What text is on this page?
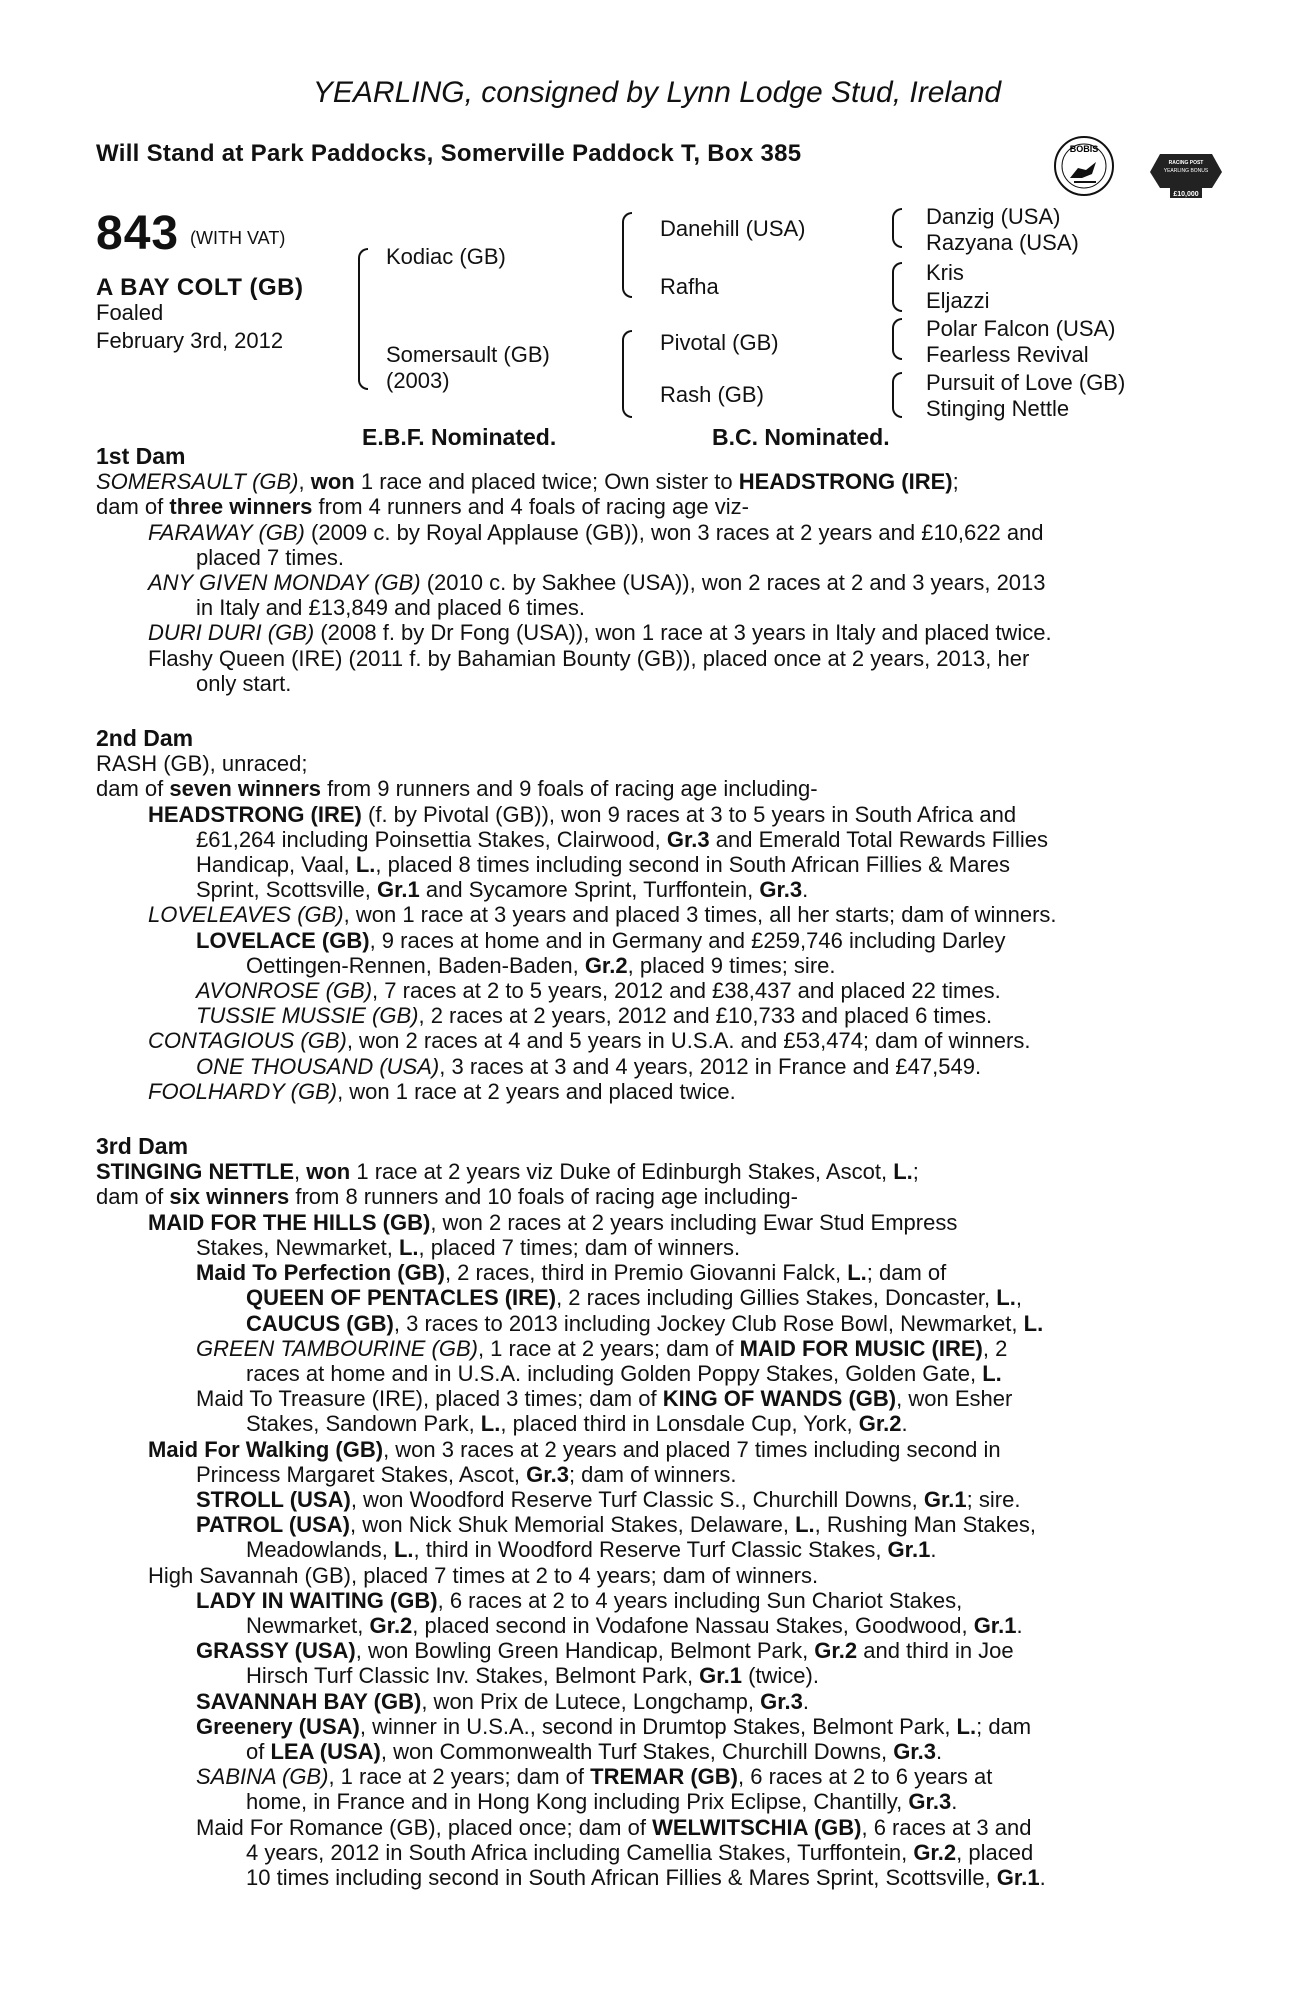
YEARLING, consigned by Lynn Lodge Stud, Ireland
Will Stand at Park Paddocks, Somerville Paddock T, Box 385	BOBIS
RACING POST
YEARLING BONUS
£10,000
843 (WITH VAT)
A BAY COLT (GB)
Foaled
February 3rd, 2012
Kodiac (GB)
Somersault (GB)
(2003)
Danehill (USA)
Rafha
Pivotal (GB)
Rash (GB)
Danzig (USA)
Razyana (USA)
Kris
Eljazzi
Polar Falcon (USA)
Fearless Revival
Pursuit of Love (GB)
Stinging Nettle
E.B.F. Nominated.	B.C. Nominated.
1st Dam
SOMERSAULT (GB), won 1 race and placed twice; Own sister to HEADSTRONG (IRE);
dam of three winners from 4 runners and 4 foals of racing age viz-
FARAWAY (GB) (2009 c. by Royal Applause (GB)), won 3 races at 2 years and £10,622 and
placed 7 times.
ANY GIVEN MONDAY (GB) (2010 c. by Sakhee (USA)), won 2 races at 2 and 3 years, 2013
in Italy and £13,849 and placed 6 times.
DURI DURI (GB) (2008 f. by Dr Fong (USA)), won 1 race at 3 years in Italy and placed twice.
Flashy Queen (IRE) (2011 f. by Bahamian Bounty (GB)), placed once at 2 years, 2013, her
only start.
2nd Dam
RASH (GB), unraced;
dam of seven winners from 9 runners and 9 foals of racing age including-
HEADSTRONG (IRE) (f. by Pivotal (GB)), won 9 races at 3 to 5 years in South Africa and
£61,264 including Poinsettia Stakes, Clairwood, Gr.3 and Emerald Total Rewards Fillies
Handicap, Vaal, L., placed 8 times including second in South African Fillies & Mares
Sprint, Scottsville, Gr.1 and Sycamore Sprint, Turffontein, Gr.3.
LOVELEAVES (GB), won 1 race at 3 years and placed 3 times, all her starts; dam of winners.
LOVELACE (GB), 9 races at home and in Germany and £259,746 including Darley
Oettingen-Rennen, Baden-Baden, Gr.2, placed 9 times; sire.
AVONROSE (GB), 7 races at 2 to 5 years, 2012 and £38,437 and placed 22 times.
TUSSIE MUSSIE (GB), 2 races at 2 years, 2012 and £10,733 and placed 6 times.
CONTAGIOUS (GB), won 2 races at 4 and 5 years in U.S.A. and £53,474; dam of winners.
ONE THOUSAND (USA), 3 races at 3 and 4 years, 2012 in France and £47,549.
FOOLHARDY (GB), won 1 race at 2 years and placed twice.
3rd Dam
STINGING NETTLE, won 1 race at 2 years viz Duke of Edinburgh Stakes, Ascot, L.;
dam of six winners from 8 runners and 10 foals of racing age including-
MAID FOR THE HILLS (GB), won 2 races at 2 years including Ewar Stud Empress
Stakes, Newmarket, L., placed 7 times; dam of winners.
Maid To Perfection (GB), 2 races, third in Premio Giovanni Falck, L.; dam of
QUEEN OF PENTACLES (IRE), 2 races including Gillies Stakes, Doncaster, L.,
CAUCUS (GB), 3 races to 2013 including Jockey Club Rose Bowl, Newmarket, L.
GREEN TAMBOURINE (GB), 1 race at 2 years; dam of MAID FOR MUSIC (IRE), 2
races at home and in U.S.A. including Golden Poppy Stakes, Golden Gate, L.
Maid To Treasure (IRE), placed 3 times; dam of KING OF WANDS (GB), won Esher
Stakes, Sandown Park, L., placed third in Lonsdale Cup, York, Gr.2.
Maid For Walking (GB), won 3 races at 2 years and placed 7 times including second in
Princess Margaret Stakes, Ascot, Gr.3; dam of winners.
STROLL (USA), won Woodford Reserve Turf Classic S., Churchill Downs, Gr.1; sire.
PATROL (USA), won Nick Shuk Memorial Stakes, Delaware, L., Rushing Man Stakes,
Meadowlands, L., third in Woodford Reserve Turf Classic Stakes, Gr.1.
High Savannah (GB), placed 7 times at 2 to 4 years; dam of winners.
LADY IN WAITING (GB), 6 races at 2 to 4 years including Sun Chariot Stakes,
Newmarket, Gr.2, placed second in Vodafone Nassau Stakes, Goodwood, Gr.1.
GRASSY (USA), won Bowling Green Handicap, Belmont Park, Gr.2 and third in Joe
Hirsch Turf Classic Inv. Stakes, Belmont Park, Gr.1 (twice).
SAVANNAH BAY (GB), won Prix de Lutece, Longchamp, Gr.3.
Greenery (USA), winner in U.S.A., second in Drumtop Stakes, Belmont Park, L.; dam
of LEA (USA), won Commonwealth Turf Stakes, Churchill Downs, Gr.3.
SABINA (GB), 1 race at 2 years; dam of TREMAR (GB), 6 races at 2 to 6 years at
home, in France and in Hong Kong including Prix Eclipse, Chantilly, Gr.3.
Maid For Romance (GB), placed once; dam of WELWITSCHIA (GB), 6 races at 3 and
4 years, 2012 in South Africa including Camellia Stakes, Turffontein, Gr.2, placed
10 times including second in South African Fillies & Mares Sprint, Scottsville, Gr.1.
